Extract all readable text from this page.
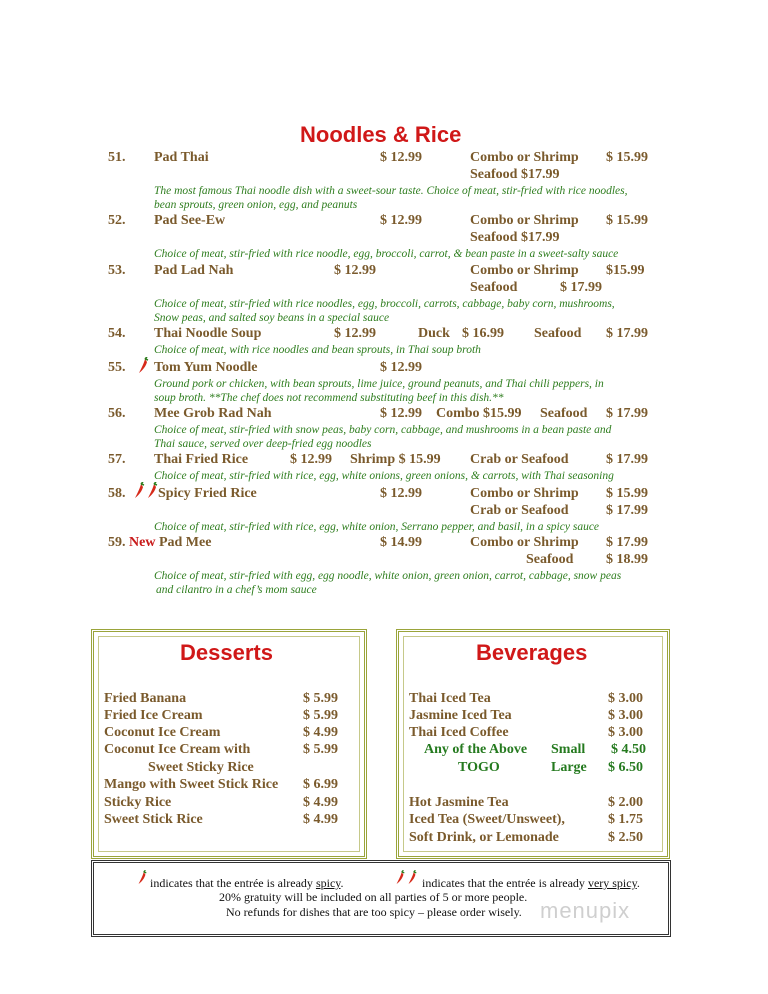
Noodles & Rice
51. Pad Thai	$ 12.99	Combo or Shrimp $ 15.99
Seafood $17.99
The most famous Thai noodle dish with a sweet-sour taste. Choice of meat, stir-fried with rice noodles,
bean sprouts, green onion, egg, and peanuts
52. Pad See-Ew	$ 12.99	Combo or Shrimp $ 15.99
Seafood $17.99
Choice of meat, stir-fried with rice noodle, egg, broccoli, carrot, & bean paste in a sweet-salty sauce
53. Pad Lad Nah	$ 12.99	Combo or Shrimp $15.99
Seafood	$ 17.99
Choice of meat, stir-fried with rice noodles, egg, broccoli, carrots, cabbage, baby corn, mushrooms,
Snow peas, and salted soy beans in a special sauce
54. Thai Noodle Soup	$ 12.99	Duck $ 16.99 Seafood $ 17.99
Choice of meat, with rice noodles and bean sprouts, in Thai soup broth
55. Tom Yum Noodle	$ 12.99
Ground pork or chicken, with bean sprouts, lime juice, ground peanuts, and Thai chili peppers, in
soup broth. **The chef does not recommend substituting beef in this dish.**
56. Mee Grob Rad Nah	$ 12.99 Combo $15.99 Seafood $ 17.99
Choice of meat, stir-fried with snow peas, baby corn, cabbage, and mushrooms in a bean paste and
Thai sauce, served over deep-fried egg noodles
57. Thai Fried Rice	$ 12.99 Shrimp $ 15.99 Crab or Seafood	$ 17.99
Choice of meat, stir-fried with rice, egg, white onions, green onions, & carrots, with Thai seasoning
58. Spicy Fried Rice	$ 12.99	Combo or Shrimp $ 15.99
Crab or Seafood	$ 17.99
Choice of meat, stir-fried with rice, egg, white onion, Serrano pepper, and basil, in a spicy sauce
59. New Pad Mee	$ 14.99	Combo or Shrimp $ 17.99
Seafood $ 18.99
Choice of meat, stir-fried with egg, egg noodle, white onion, green onion, carrot, cabbage, snow peas
and cilantro in a chef’s mom sauce
Desserts
Fried Banana	$ 5.99
Fried Ice Cream	$ 5.99
Coconut Ice Cream	$ 4.99
Coconut Ice Cream with	$ 5.99
Sweet Sticky Rice
Mango with Sweet Stick Rice $ 6.99
Sticky Rice	$ 4.99
Sweet Stick Rice	$ 4.99
Beverages
Thai Iced Tea	$ 3.00
Jasmine Iced Tea	$ 3.00
Thai Iced Coffee	$ 3.00
Any of the Above Small $ 4.50
TOGO	Large $ 6.50
Hot Jasmine Tea	$ 2.00
Iced Tea (Sweet/Unsweet),	$ 1.75
Soft Drink, or Lemonade	$ 2.50
indicates that the entrée is already spicy.	indicates that the entrée is already very spicy.
20% gratuity will be included on all parties of 5 or more people.
No refunds for dishes that are too spicy – please order wisely. menupix
